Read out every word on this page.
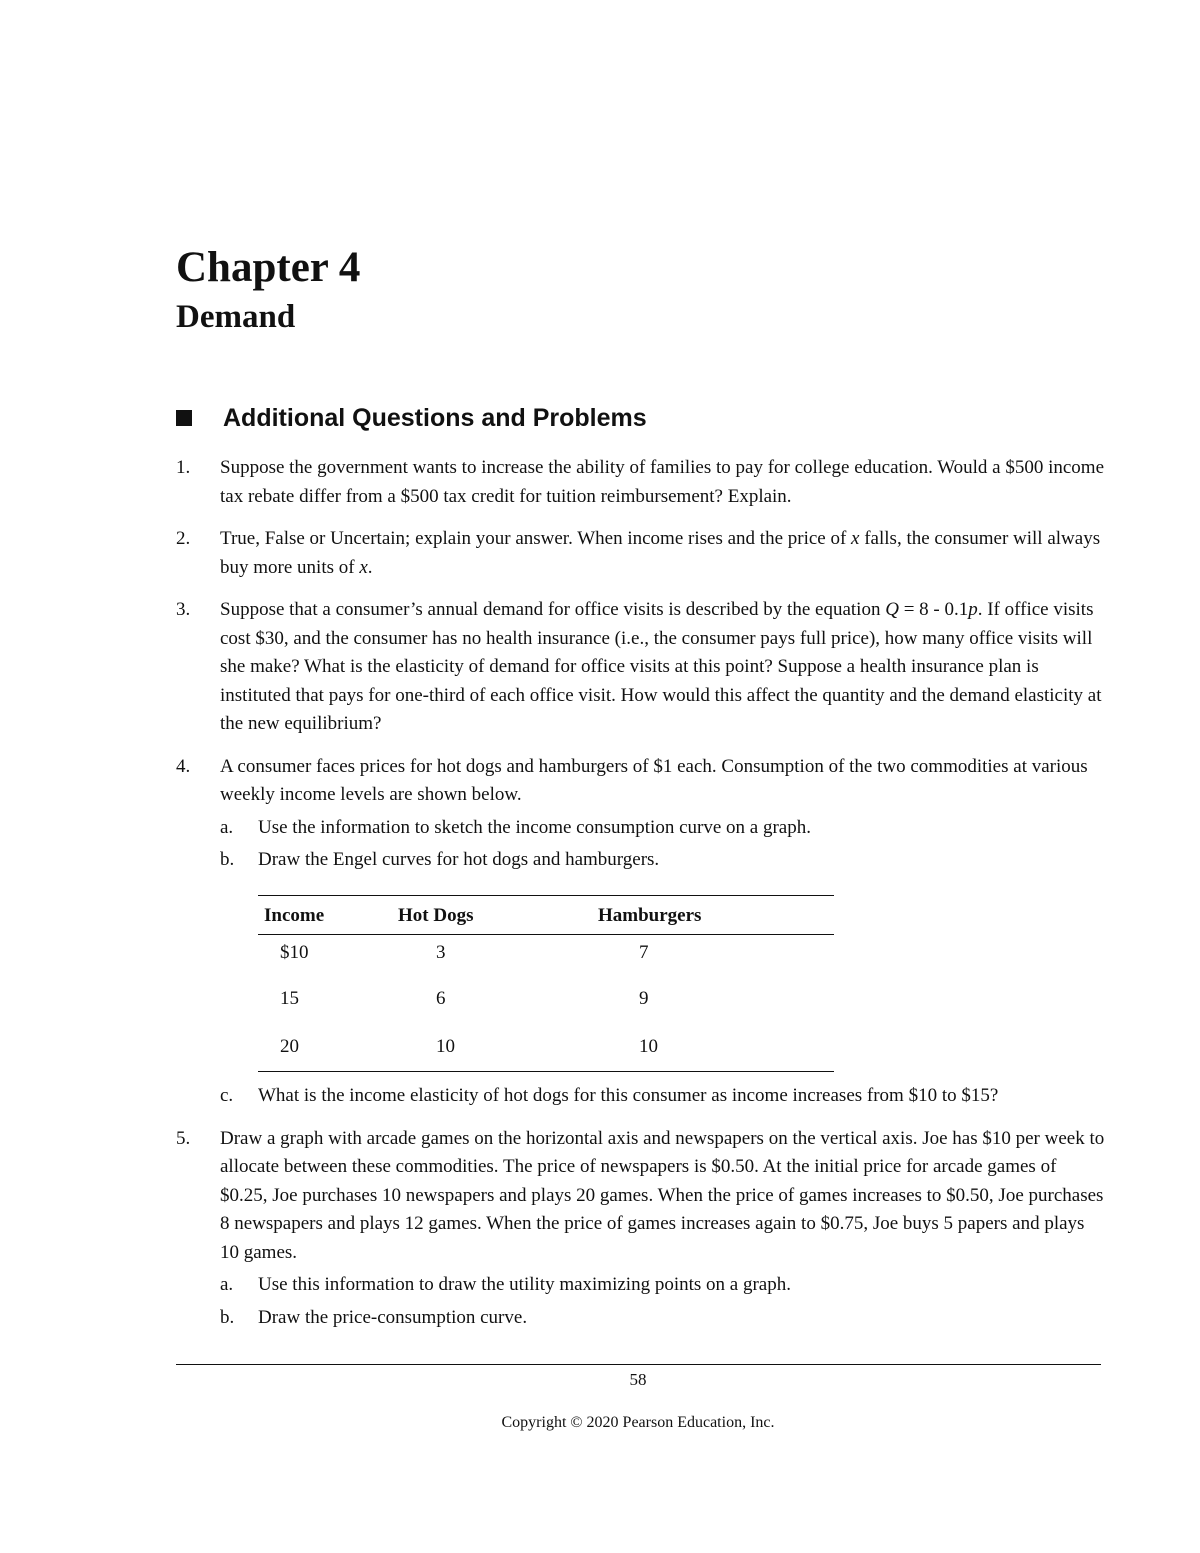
Chapter 4
Demand
Additional Questions and Problems
1.	Suppose the government wants to increase the ability of families to pay for college education. Would a $500 income tax rebate differ from a $500 tax credit for tuition reimbursement? Explain.

2.	True, False or Uncertain; explain your answer. When income rises and the price of x falls, the consumer will always buy more units of x.

3.	Suppose that a consumer’s annual demand for office visits is described by the equation Q = 8 - 0.1p. If office visits cost $30, and the consumer has no health insurance (i.e., the consumer pays full price), how many office visits will she make? What is the elasticity of demand for office visits at this point? Suppose a health insurance plan is instituted that pays for one-third of each office visit. How would this affect the quantity and the demand elasticity at the new equilibrium?

4.	A consumer faces prices for hot dogs and hamburgers of $1 each. Consumption of the two commodities at various weekly income levels are shown below.

a.	Use the information to sketch the income consumption curve on a graph.
b.	Draw the Engel curves for hot dogs and hamburgers.
Income	Hot Dogs	Hamburgers
$10	3	7
15	6	9
20	10	10
c.	What is the income elasticity of hot dogs for this consumer as income increases from $10 to $15?
5.	Draw a graph with arcade games on the horizontal axis and newspapers on the vertical axis. Joe has $10 per week to allocate between these commodities. The price of newspapers is $0.50. At the initial price for arcade games of $0.25, Joe purchases 10 newspapers and plays 20 games. When the price of games increases to $0.50, Joe purchases 8 newspapers and plays 12 games. When the price of games increases again to $0.75, Joe buys 5 papers and plays 10 games.

a.	Use this information to draw the utility maximizing points on a graph.
b.	Draw the price-consumption curve.
58
Copyright © 2020 Pearson Education, Inc.
